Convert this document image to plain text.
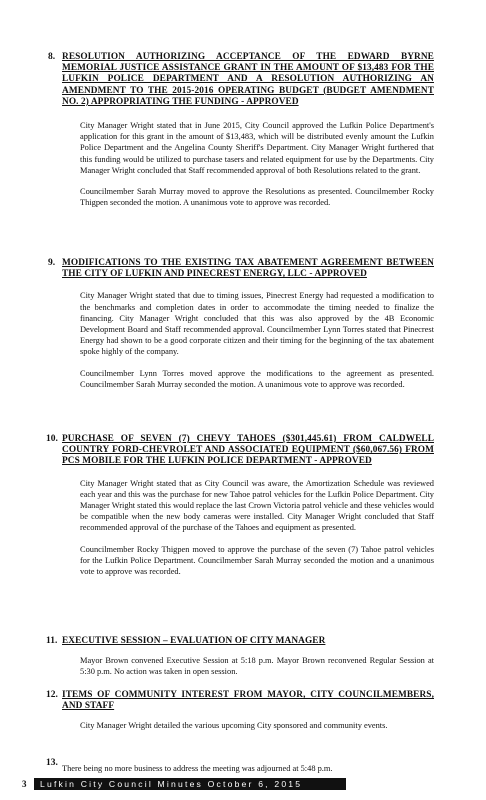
8. RESOLUTION AUTHORIZING ACCEPTANCE OF THE EDWARD BYRNE MEMORIAL JUSTICE ASSISTANCE GRANT IN THE AMOUNT OF $13,483 FOR THE LUFKIN POLICE DEPARTMENT AND A RESOLUTION AUTHORIZING AN AMENDMENT TO THE 2015-2016 OPERATING BUDGET (BUDGET AMENDMENT NO. 2) APPROPRIATING THE FUNDING - APPROVED

City Manager Wright stated that in June 2015, City Council approved the Lufkin Police Department's application for this grant in the amount of $13,483, which will be distributed evenly amount the Lufkin Police Department and the Angelina County Sheriff's Department. City Manager Wright furthered that this funding would be utilized to purchase tasers and related equipment for use by the Departments. City Manager Wright concluded that Staff recommended approval of both Resolutions related to the grant.

Councilmember Sarah Murray moved to approve the Resolutions as presented. Councilmember Rocky Thigpen seconded the motion. A unanimous vote to approve was recorded.

9. MODIFICATIONS TO THE EXISTING TAX ABATEMENT AGREEMENT BETWEEN THE CITY OF LUFKIN AND PINECREST ENERGY, LLC - APPROVED

City Manager Wright stated that due to timing issues, Pinecrest Energy had requested a modification to the benchmarks and completion dates in order to accommodate the timing needed to finalize the financing. City Manager Wright concluded that this was also approved by the 4B Economic Development Board and Staff recommended approval. Councilmember Lynn Torres stated that Pinecrest Energy had shown to be a good corporate citizen and their timing for the beginning of the tax abatement spoke highly of the company.

Councilmember Lynn Torres moved approve the modifications to the agreement as presented. Councilmember Sarah Murray seconded the motion. A unanimous vote to approve was recorded.

10. PURCHASE OF SEVEN (7) CHEVY TAHOES ($301,445.61) FROM CALDWELL COUNTRY FORD-CHEVROLET AND ASSOCIATED EQUIPMENT ($60,067.56) FROM PCS MOBILE FOR THE LUFKIN POLICE DEPARTMENT - APPROVED

City Manager Wright stated that as City Council was aware, the Amortization Schedule was reviewed each year and this was the purchase for new Tahoe patrol vehicles for the Lufkin Police Department. City Manager Wright stated this would replace the last Crown Victoria patrol vehicle and these vehicles would be compatible when the new body cameras were installed. City Manager Wright concluded that Staff recommended approval of the purchase of the Tahoes and equipment as presented.

Councilmember Rocky Thigpen moved to approve the purchase of the seven (7) Tahoe patrol vehicles for the Lufkin Police Department. Councilmember Sarah Murray seconded the motion and a unanimous vote to approve was recorded.

11. EXECUTIVE SESSION – EVALUATION OF CITY MANAGER

Mayor Brown convened Executive Session at 5:18 p.m. Mayor Brown reconvened Regular Session at 5:30 p.m. No action was taken in open session.

12. ITEMS OF COMMUNITY INTEREST FROM MAYOR, CITY COUNCILMEMBERS, AND STAFF

City Manager Wright detailed the various upcoming City sponsored and community events.

13.
There being no more business to address the meeting was adjourned at 5:48 p.m.
3	Lufkin City Council Minutes October 6, 2015
